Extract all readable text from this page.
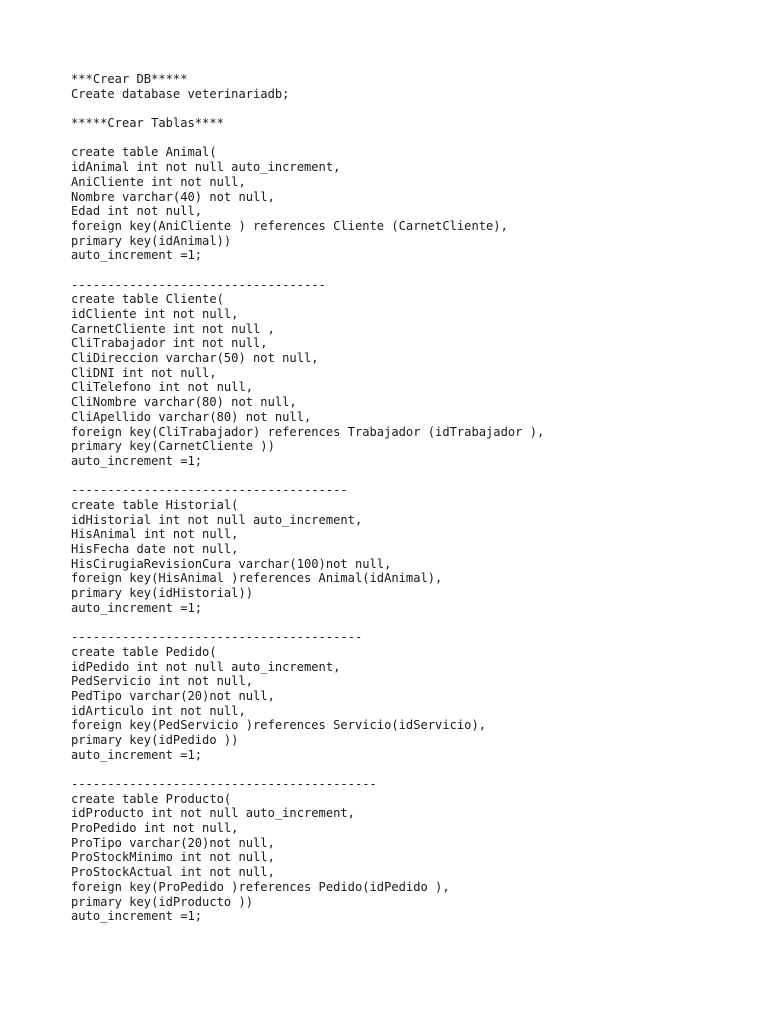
***Crear DB*****
Create database veterinariadb;
*****Crear Tablas****
create table Animal(
idAnimal int not null auto_increment,
AniCliente int not null,
Nombre varchar(40) not null,
Edad int not null,
foreign key(AniCliente ) references Cliente (CarnetCliente),
primary key(idAnimal))
auto_increment =1;
-----------------------------------
create table Cliente(
idCliente int not null,
CarnetCliente int not null ,
CliTrabajador int not null,
CliDireccion varchar(50) not null,
CliDNI int not null,
CliTelefono int not null,
CliNombre varchar(80) not null,
CliApellido varchar(80) not null,
foreign key(CliTrabajador) references Trabajador (idTrabajador ),
primary key(CarnetCliente ))
auto_increment =1;
--------------------------------------
create table Historial(
idHistorial int not null auto_increment,
HisAnimal int not null,
HisFecha date not null,
HisCirugiaRevisionCura varchar(100)not null,
foreign key(HisAnimal )references Animal(idAnimal),
primary key(idHistorial))
auto_increment =1;
----------------------------------------
create table Pedido(
idPedido int not null auto_increment,
PedServicio int not null,
PedTipo varchar(20)not null,
idArticulo int not null,
foreign key(PedServicio )references Servicio(idServicio),
primary key(idPedido ))
auto_increment =1;
------------------------------------------
create table Producto(
idProducto int not null auto_increment,
ProPedido int not null,
ProTipo varchar(20)not null,
ProStockMinimo int not null,
ProStockActual int not null,
foreign key(ProPedido )references Pedido(idPedido ),
primary key(idProducto ))
auto_increment =1;
